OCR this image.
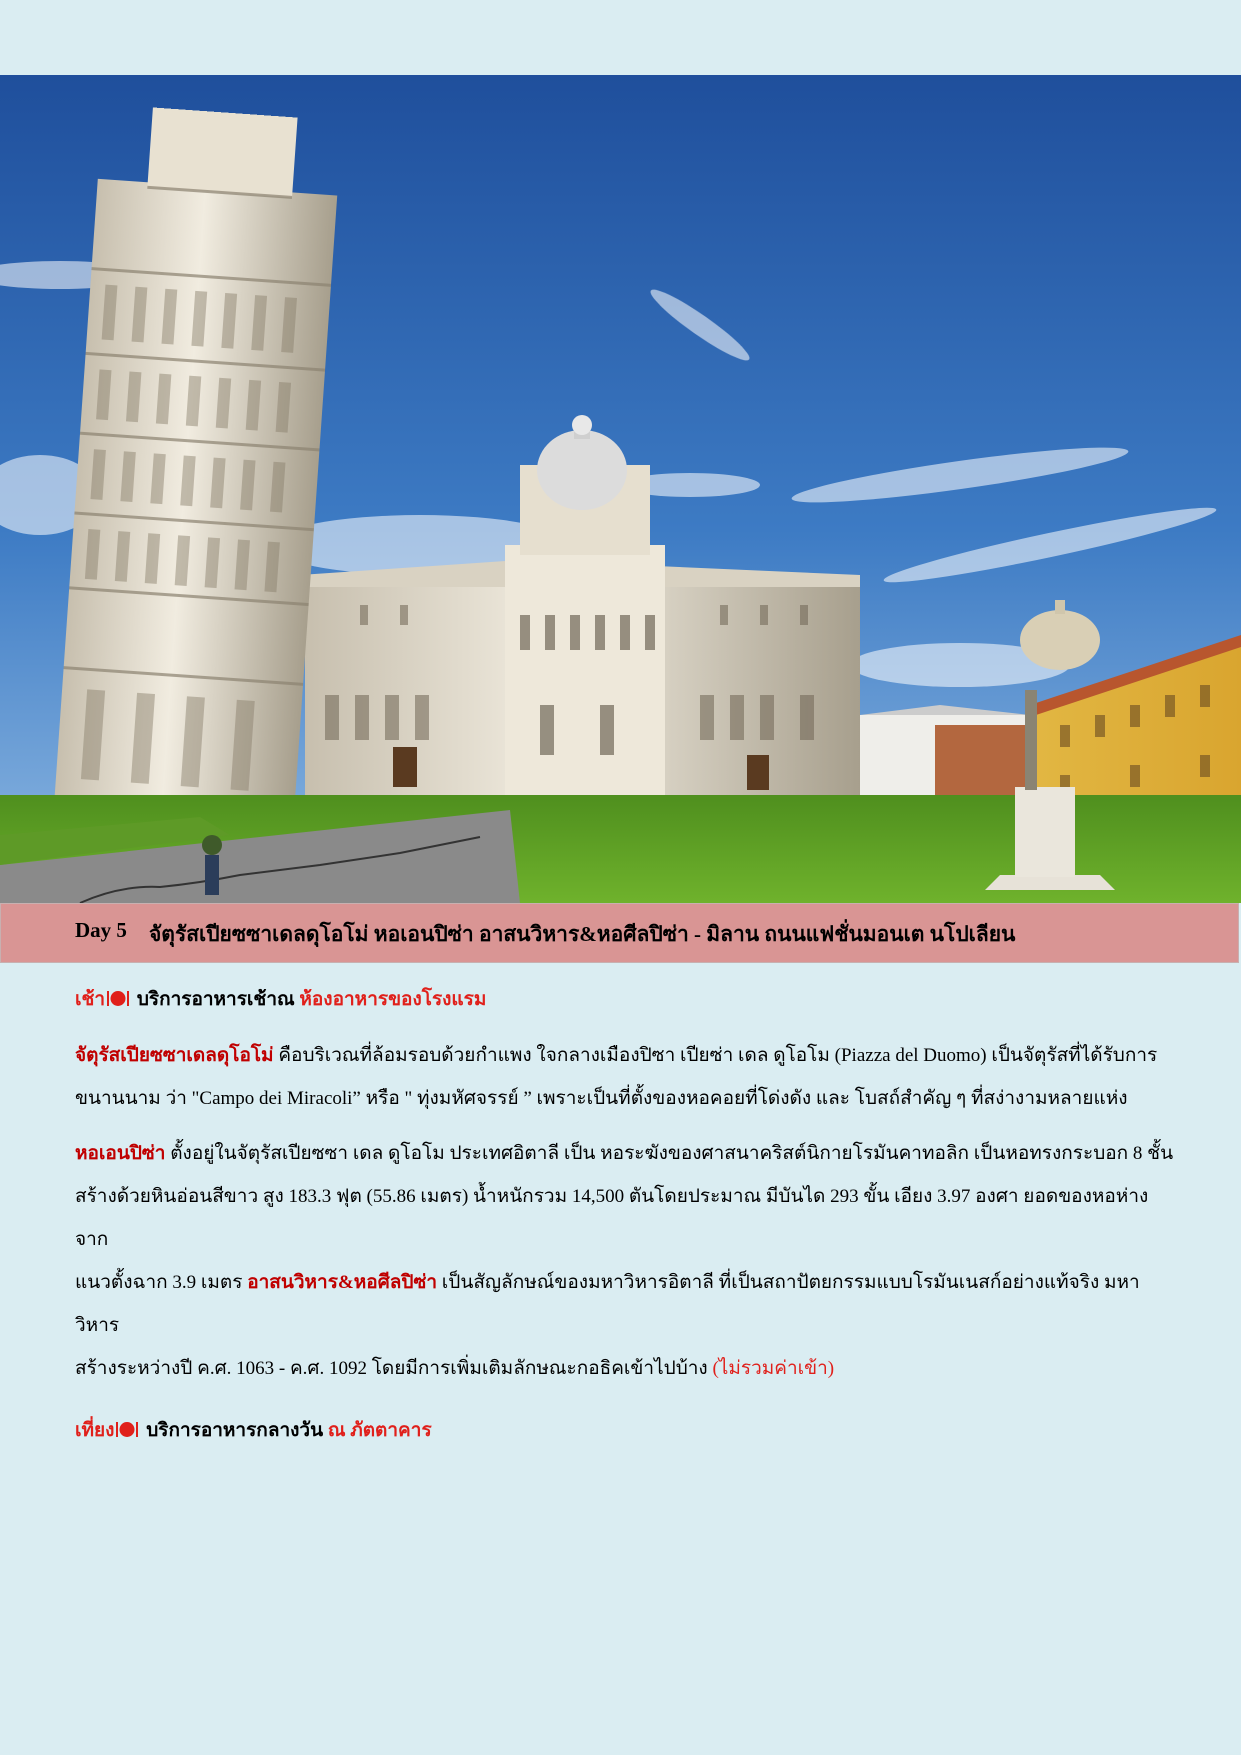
Day 5 จัตุรัสเปียซซาเดลดุโอโม่ หอเอนปิซ่า อาสนวิหาร&หอศีลปิซ่า - มิลาน ถนนแฟชั่นมอนเต นโปเลียน

เช้า บริการอาหารเช้าณ ห้องอาหารของโรงแรม

จัตุรัสเปียซซาเดลดุโอโม่ คือบริเวณที่ล้อมรอบด้วยกำแพง ใจกลางเมืองปิซา เปียซ่า เดล ดูโอโม (Piazza del Duomo) เป็นจัตุรัสที่ได้รับการ
ขนานนาม ว่า "Campo dei Miracoli” หรือ " ทุ่งมหัศจรรย์ ” เพราะเป็นที่ตั้งของหอคอยที่โด่งดัง และ โบสถ์สำคัญ ๆ ที่สง่างามหลายแห่ง

หอเอนปิซ่า ตั้งอยู่ในจัตุรัสเปียซซา เดล ดูโอโม ประเทศอิตาลี เป็น หอระฆังของศาสนาคริสต์นิกายโรมันคาทอลิก เป็นหอทรงกระบอก 8 ชั้น
สร้างด้วยหินอ่อนสีขาว สูง 183.3 ฟุต (55.86 เมตร) น้ำหนักรวม 14,500 ตันโดยประมาณ มีบันได 293 ขั้น เอียง 3.97 องศา ยอดของหอห่างจาก
แนวตั้งฉาก 3.9 เมตร อาสนวิหาร&หอศีลปิซ่า เป็นสัญลักษณ์ของมหาวิหารอิตาลี ที่เป็นสถาปัตยกรรมแบบโรมันเนสก์อย่างแท้จริง มหาวิหาร
สร้างระหว่างปี ค.ศ. 1063 - ค.ศ. 1092 โดยมีการเพิ่มเติมลักษณะกอธิคเข้าไปบ้าง (ไม่รวมค่าเข้า)

เที่ยง บริการอาหารกลางวัน ณ ภัตตาคาร
